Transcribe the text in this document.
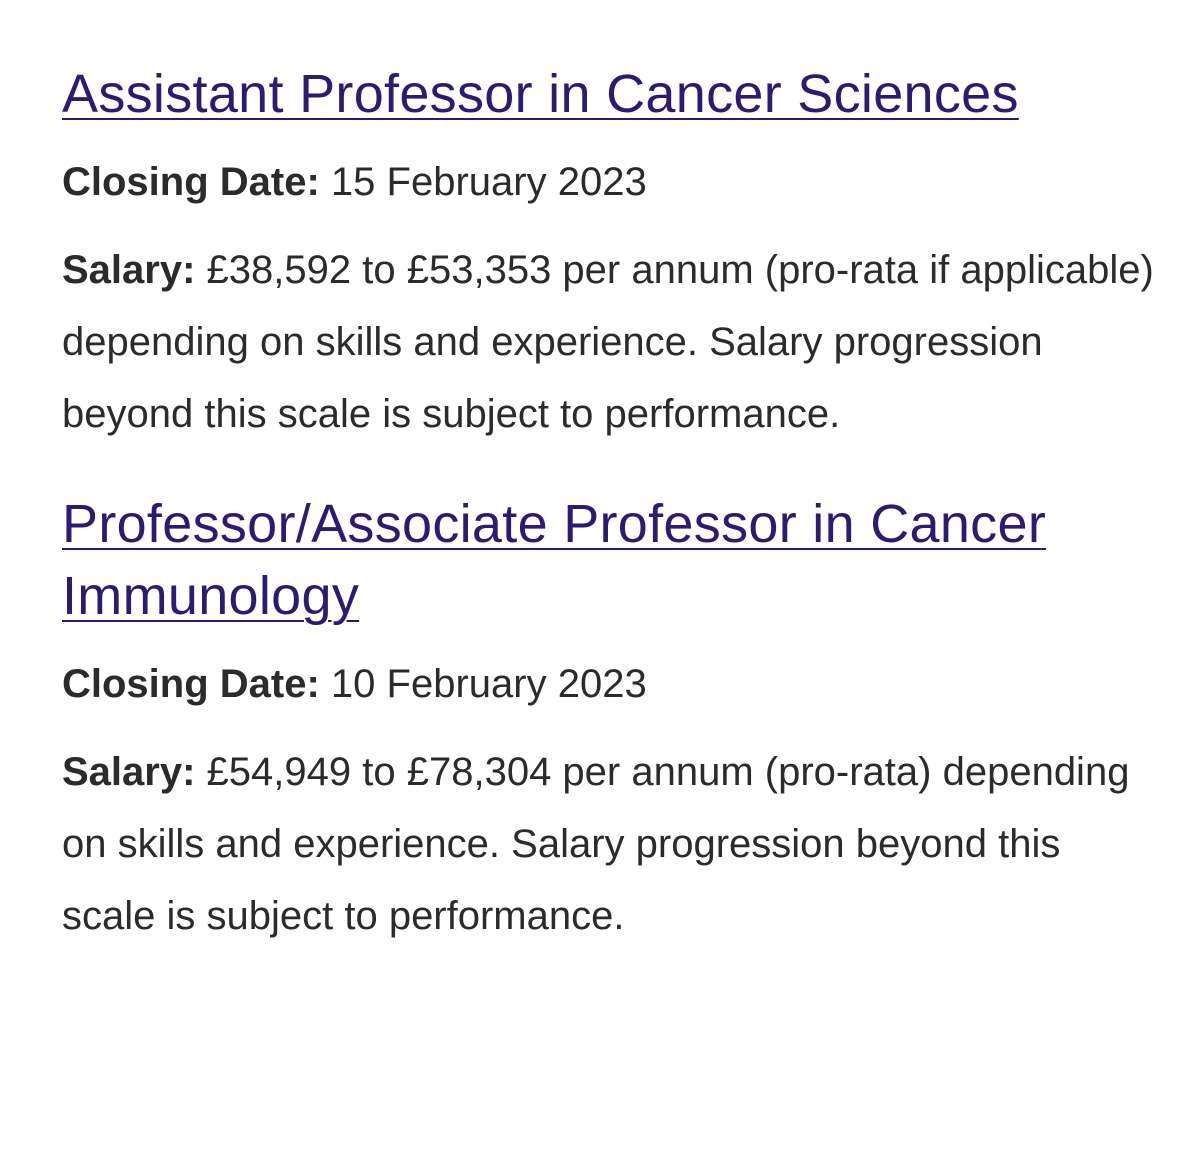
Assistant Professor in Cancer Sciences

Closing Date: 15 February 2023

Salary: £38,592 to £53,353 per annum (pro-rata if applicable) depending on skills and experience. Salary progression beyond this scale is subject to performance.

Professor/Associate Professor in Cancer Immunology

Closing Date: 10 February 2023

Salary: £54,949 to £78,304 per annum (pro-rata) depending on skills and experience. Salary progression beyond this scale is subject to performance.
